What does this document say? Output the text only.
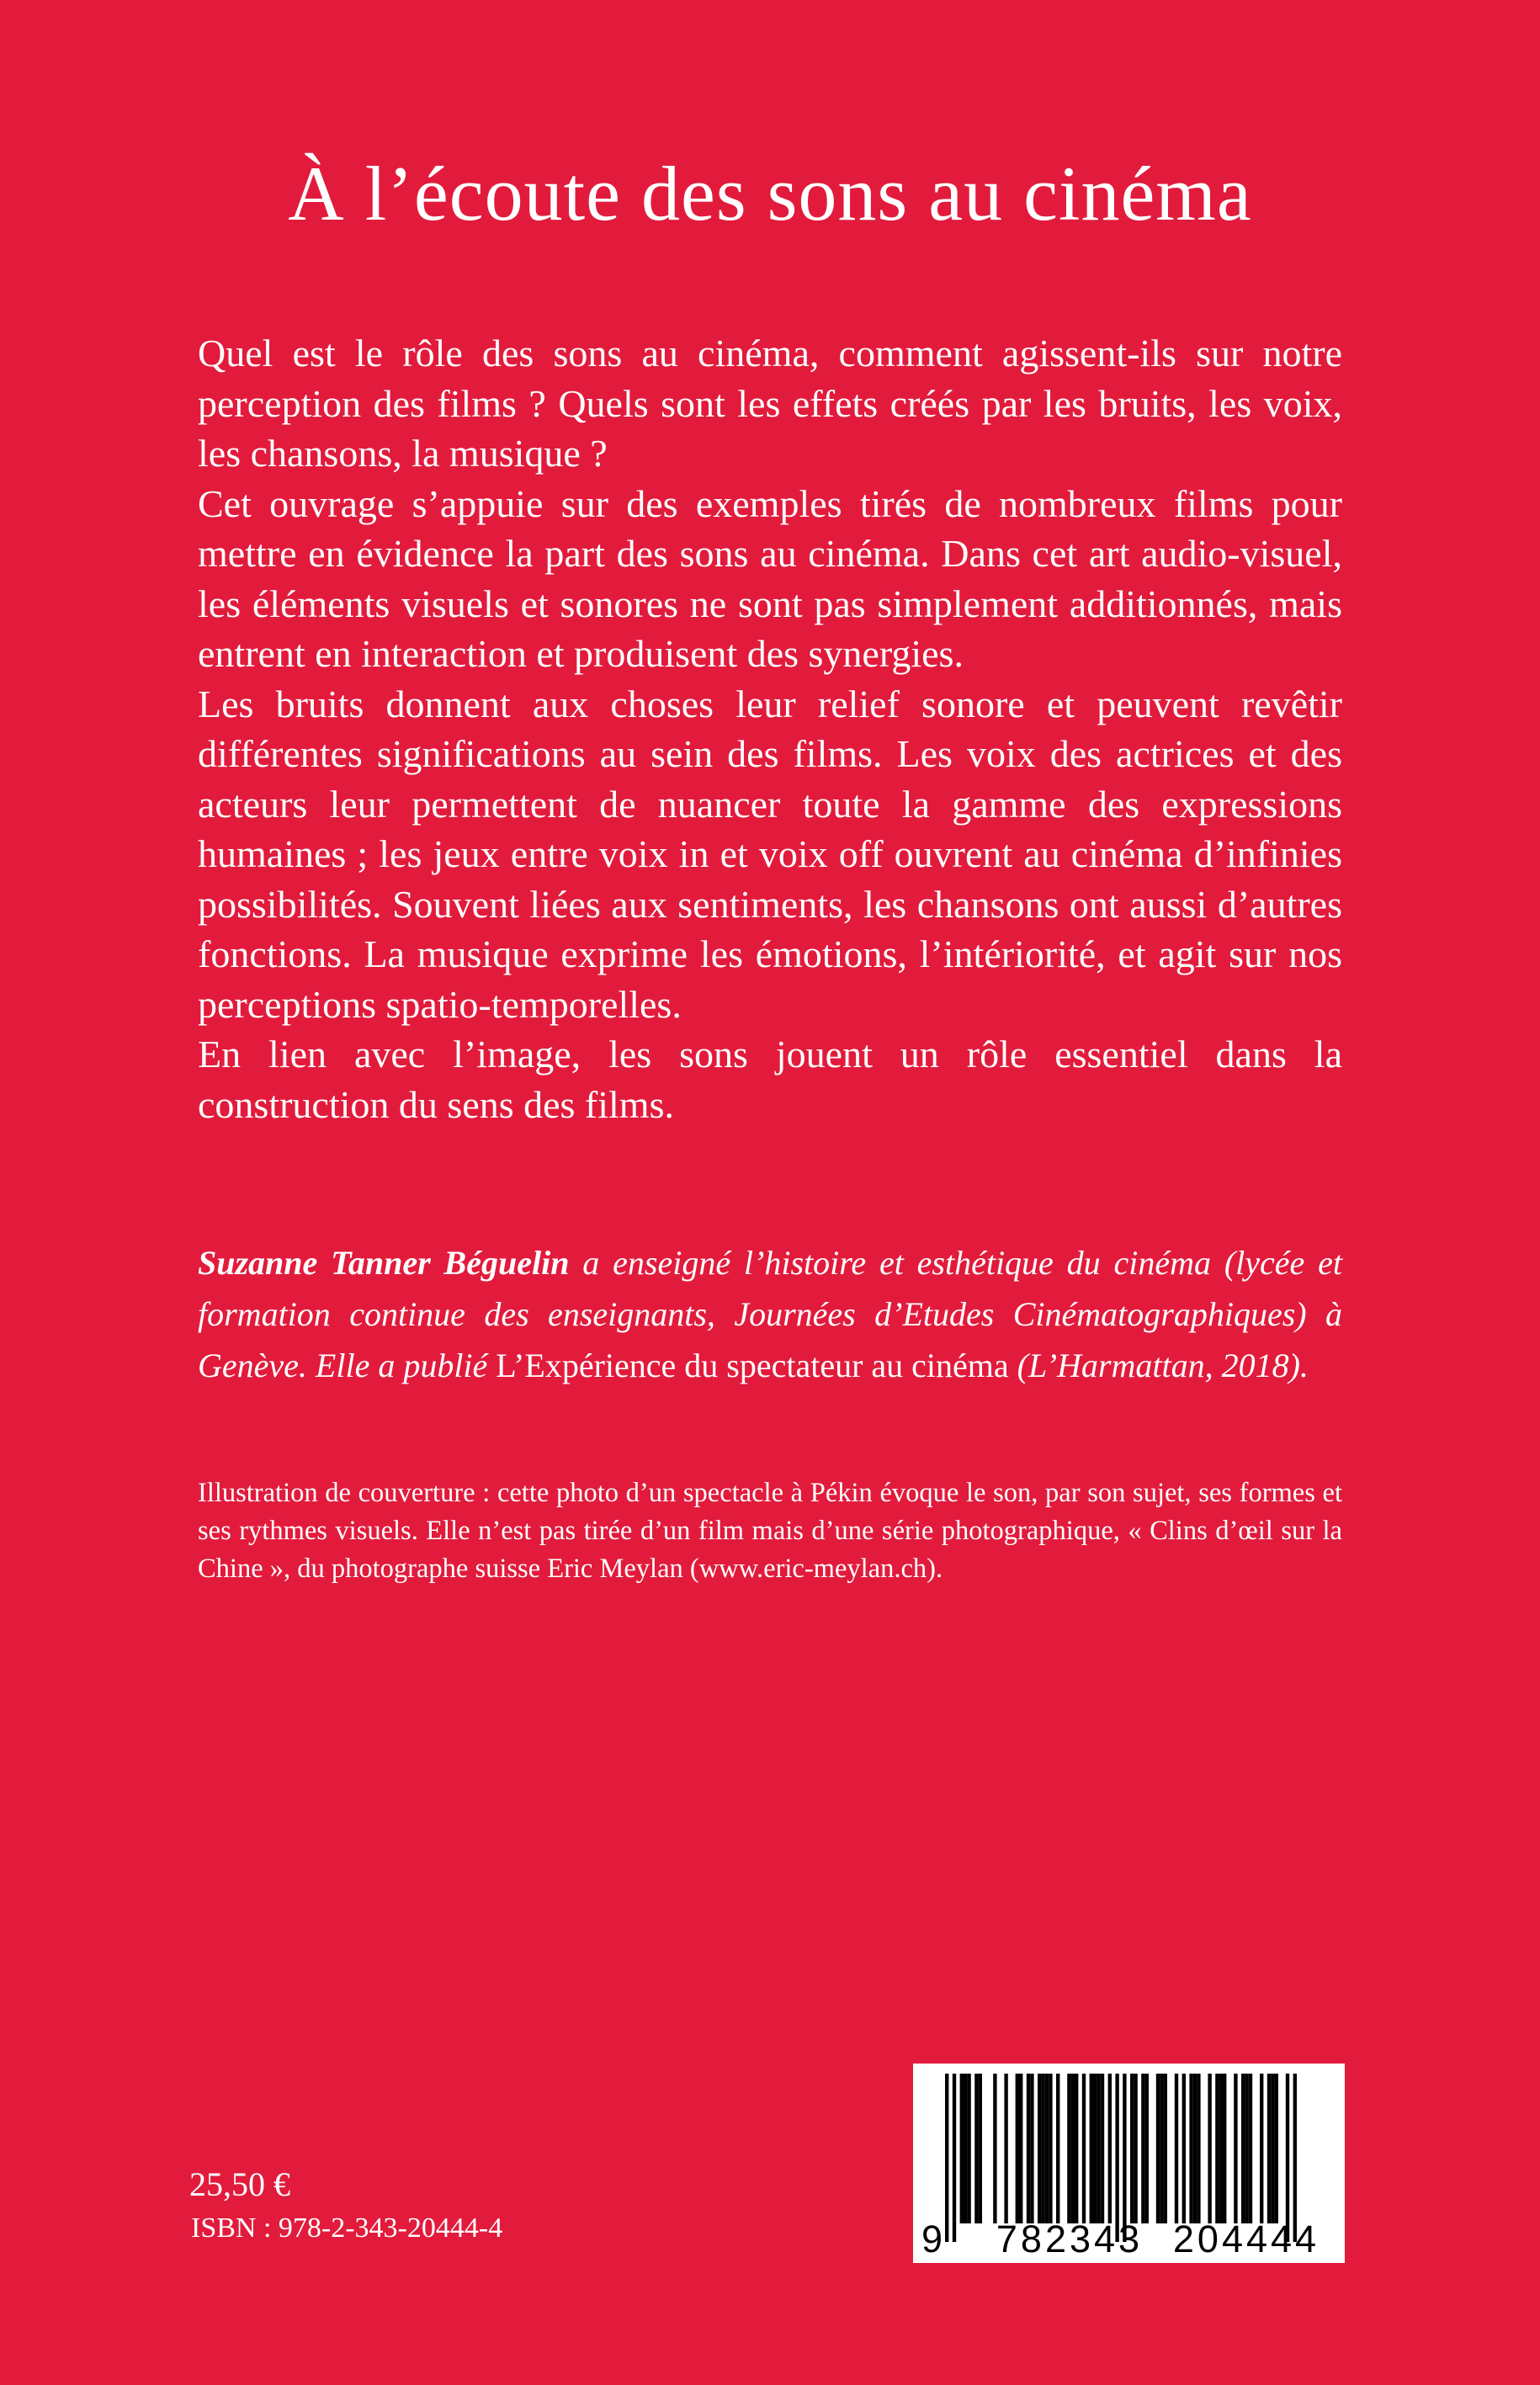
À l’écoute des sons au cinéma

Quel est le rôle des sons au cinéma, comment agissent-ils sur notre perception des films ? Quels sont les effets créés par les bruits, les voix, les chansons, la musique ?

Cet ouvrage s’appuie sur des exemples tirés de nombreux films pour mettre en évidence la part des sons au cinéma. Dans cet art audio-visuel, les éléments visuels et sonores ne sont pas simplement additionnés, mais entrent en interaction et produisent des synergies.

Les bruits donnent aux choses leur relief sonore et peuvent revêtir différentes significations au sein des films. Les voix des actrices et des acteurs leur permettent de nuancer toute la gamme des expressions humaines ; les jeux entre voix in et voix off ouvrent au cinéma d’infinies possibilités. Souvent liées aux sentiments, les chansons ont aussi d’autres fonctions. La musique exprime les émotions, l’intériorité, et agit sur nos perceptions spatio-temporelles.

En lien avec l’image, les sons jouent un rôle essentiel dans la construction du sens des films.

Suzanne Tanner Béguelin a enseigné l’histoire et esthétique du cinéma (lycée et formation continue des enseignants, Journées d’Etudes Cinématographiques) à Genève. Elle a publié L’Expérience du spectateur au cinéma (L’Harmattan, 2018).

Illustration de couverture : cette photo d’un spectacle à Pékin évoque le son, par son sujet, ses formes et ses rythmes visuels. Elle n’est pas tirée d’un film mais d’une série photographique, « Clins d’œil sur la Chine », du photographe suisse Eric Meylan (www.eric-meylan.ch).

25,50 €

ISBN : 978-2-343-20444-4	9 782343 204444
